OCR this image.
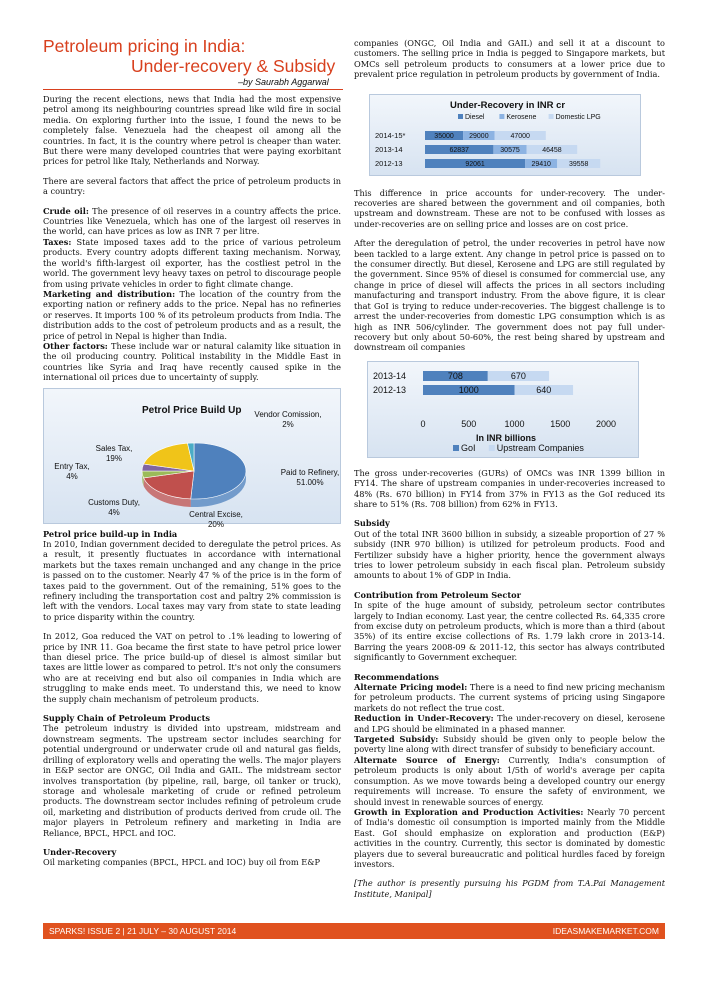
Petroleum pricing in India:
Under-recovery & Subsidy
–by Saurabh Aggarwal

During the recent elections, news that India had the most expensive petrol among its neighbouring countries spread like wild fire in social media. On exploring further into the issue, I found the news to be completely false. Venezuela had the cheapest oil among all the countries. In fact, it is the country where petrol is cheaper than water. But there were many developed countries that were paying exorbitant prices for petrol like Italy, Netherlands and Norway.

There are several factors that affect the price of petroleum products in a country:

Crude oil: The presence of oil reserves in a country affects the price. Countries like Venezuela, which has one of the largest oil reserves in the world, can have prices as low as INR 7 per litre.

Taxes: State imposed taxes add to the price of various petroleum products. Every country adopts different taxing mechanism. Norway, the world's fifth-largest oil exporter, has the costliest petrol in the world. The government levy heavy taxes on petrol to discourage people from using private vehicles in order to fight climate change.

Marketing and distribution: The location of the country from the exporting nation or refinery adds to the price. Nepal has no refineries or reserves. It imports 100 % of its petroleum products from India. The distribution adds to the cost of petroleum products and as a result, the price of petrol in Nepal is higher than India.

Other factors: These include war or natural calamity like situation in the oil producing country. Political instability in the Middle East in countries like Syria and Iraq have recently caused spike in the international oil prices due to uncertainty of supply.

Petrol Price Build Up
Paid to Refinery, 51.00%
Central Excise, 20%
Customs Duty, 4%
Entry Tax, 4%
Sales Tax, 19%
Vendor Comission, 2%

Petrol price build-up in India

In 2010, Indian government decided to deregulate the petrol prices. As a result, it presently fluctuates in accordance with international markets but the taxes remain unchanged and any change in the price is passed on to the customer. Nearly 47 % of the price is in the form of taxes paid to the government. Out of the remaining, 51% goes to the refinery including the transportation cost and paltry 2% commission is left with the vendors. Local taxes may vary from state to state leading to price disparity within the country.

In 2012, Goa reduced the VAT on petrol to .1% leading to lowering of price by INR 11. Goa became the first state to have petrol price lower than diesel price. The price build-up of diesel is almost similar but taxes are little lower as compared to petrol. It's not only the consumers who are at receiving end but also oil companies in India which are struggling to make ends meet. To understand this, we need to know the supply chain mechanism of petroleum products.

Supply Chain of Petroleum Products

The petroleum industry is divided into upstream, midstream and downstream segments. The upstream sector includes searching for potential underground or underwater crude oil and natural gas fields, drilling of exploratory wells and operating the wells. The major players in E&P sector are ONGC, Oil India and GAIL. The midstream sector involves transportation (by pipeline, rail, barge, oil tanker or truck), storage and wholesale marketing of crude or refined petroleum products. The downstream sector includes refining of petroleum crude oil, marketing and distribution of products derived from crude oil. The major players in Petroleum refinery and marketing in India are Reliance, BPCL, HPCL and IOC.

Under-Recovery

Oil marketing companies (BPCL, HPCL and IOC) buy oil from E&P

companies (ONGC, Oil India and GAIL) and sell it at a discount to customers. The selling price in India is pegged to Singapore markets, but OMCs sell petroleum products to consumers at a lower price due to prevalent price regulation in petroleum products by government of India.

Under-Recovery in INR cr
Diesel	Kerosene	Domestic LPG
2014-15*	35000 29000	47000
2013-14	62837	30575	46458
2012-13	92061	29410	39558

This difference in price accounts for under-recovery. The under- recoveries are shared between the government and oil companies, both upstream and downstream. These are not to be confused with losses as under-recoveries are on selling price and losses are on cost price.

After the deregulation of petrol, the under recoveries in petrol have now been tackled to a large extent. Any change in petrol price is passed on to the consumer directly. But diesel, Kerosene and LPG are still regulated by the government. Since 95% of diesel is consumed for commercial use, any change in price of diesel will affects the prices in all sectors including manufacturing and transport industry. From the above figure, it is clear that GoI is trying to reduce under-recoveries. The biggest challenge is to arrest the under-recoveries from domestic LPG consumption which is as high as INR 506/cylinder. The government does not pay full under-recovery but only about 50-60%, the rest being shared by upstream and downstream oil companies

2013-14	708	670
2012-13	1000	640
0	500	1000	1500	2000
In INR billions
GoI Upstream Companies

The gross under-recoveries (GURs) of OMCs was INR 1399 billion in FY14. The share of upstream companies in under-recoveries increased to 48% (Rs. 670 billion) in FY14 from 37% in FY13 as the GoI reduced its share to 51% (Rs. 708 billion) from 62% in FY13.

Subsidy

Out of the total INR 3600 billion in subsidy, a sizeable proportion of 27 % subsidy (INR 970 billion) is utilized for petroleum products. Food and Fertilizer subsidy have a higher priority, hence the government always tries to lower petroleum subsidy in each fiscal plan. Petroleum subsidy amounts to about 1% of GDP in India.

Contribution from Petroleum Sector

In spite of the huge amount of subsidy, petroleum sector contributes largely to Indian economy. Last year, the centre collected Rs. 64,335 crore from excise duty on petroleum products, which is more than a third (about 35%) of its entire excise collections of Rs. 1.79 lakh crore in 2013-14. Barring the years 2008-09 & 2011-12, this sector has always contributed significantly to Government exchequer.

Recommendations

Alternate Pricing model: There is a need to find new pricing mechanism for petroleum products. The current systems of pricing using Singapore markets do not reflect the true cost.

Reduction in Under-Recovery: The under-recovery on diesel, kerosene and LPG should be eliminated in a phased manner.

Targeted Subsidy: Subsidy should be given only to people below the poverty line along with direct transfer of subsidy to beneficiary account.

Alternate Source of Energy: Currently, India's consumption of petroleum products is only about 1/5th of world's average per capita consumption. As we move towards being a developed country our energy requirements will increase. To ensure the safety of environment, we should invest in renewable sources of energy.

Growth in Exploration and Production Activities: Nearly 70 percent of India's domestic oil consumption is imported mainly from the Middle East. GoI should emphasize on exploration and production (E&P) activities in the country. Currently, this sector is dominated by domestic players due to several bureaucratic and political hurdles faced by foreign investors.

[The author is presently pursuing his PGDM from T.A.Pai Management Institute, Manipal]

SPARKS! ISSUE 2 | 21 JULY – 30 AUGUST 2014	IDEASMAKEMARKET.COM
